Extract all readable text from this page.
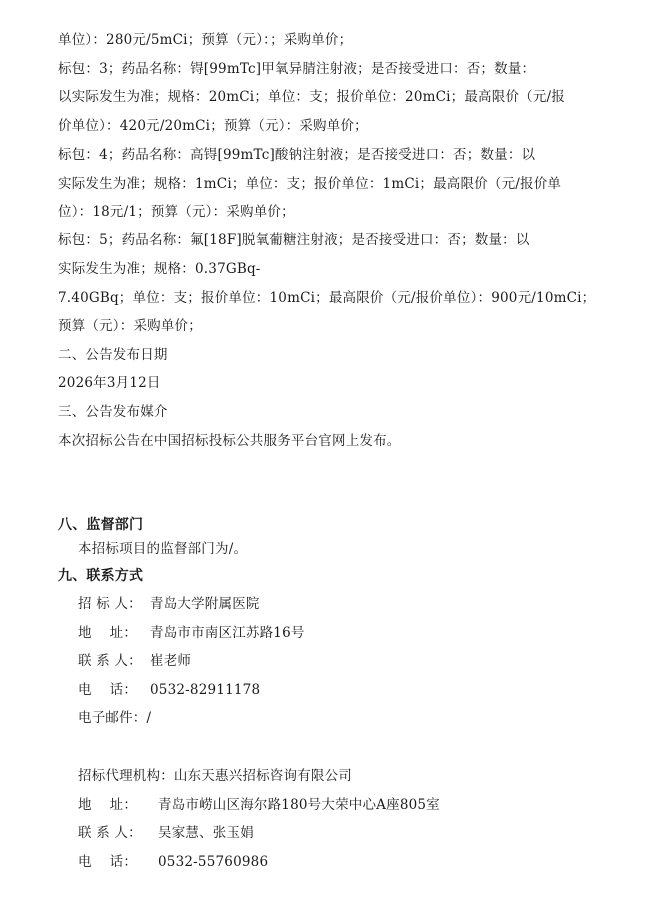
单位）：280元/5mCi；预算（元）：；采购单价；
标包：3；药品名称：锝[99mTc]甲氧异腈注射液；是否接受进口：否；数量：
以实际发生为准；规格：20mCi；单位：支；报价单位：20mCi；最高限价（元/报
价单位）：420元/20mCi；预算（元）：采购单价；
标包：4；药品名称：高锝[99mTc]酸钠注射液；是否接受进口：否；数量：以
实际发生为准；规格：1mCi；单位：支；报价单位：1mCi；最高限价（元/报价单
位）：18元/1；预算（元）：采购单价；
标包：5；药品名称：氟[18F]脱氧葡糖注射液；是否接受进口：否；数量：以
实际发生为准；规格：0.37GBq-
7.40GBq；单位：支；报价单位：10mCi；最高限价（元/报价单位）：900元/10mCi；
预算（元）：采购单价；
二、公告发布日期
2026年3月12日
三、公告发布媒介
本次招标公告在中国招标投标公共服务平台官网上发布。
八、监督部门
本招标项目的监督部门为/。
九、联系方式
招 标 人： 青岛大学附属医院
地    址： 青岛市市南区江苏路16号
联 系 人： 崔老师
电    话： 0532-82911178
电子邮件：/
招标代理机构：山东天惠兴招标咨询有限公司
地    址： 青岛市崂山区海尔路180号大荣中心A座805室
联 系 人： 吴家慧、张玉娟
电    话： 0532-55760986
